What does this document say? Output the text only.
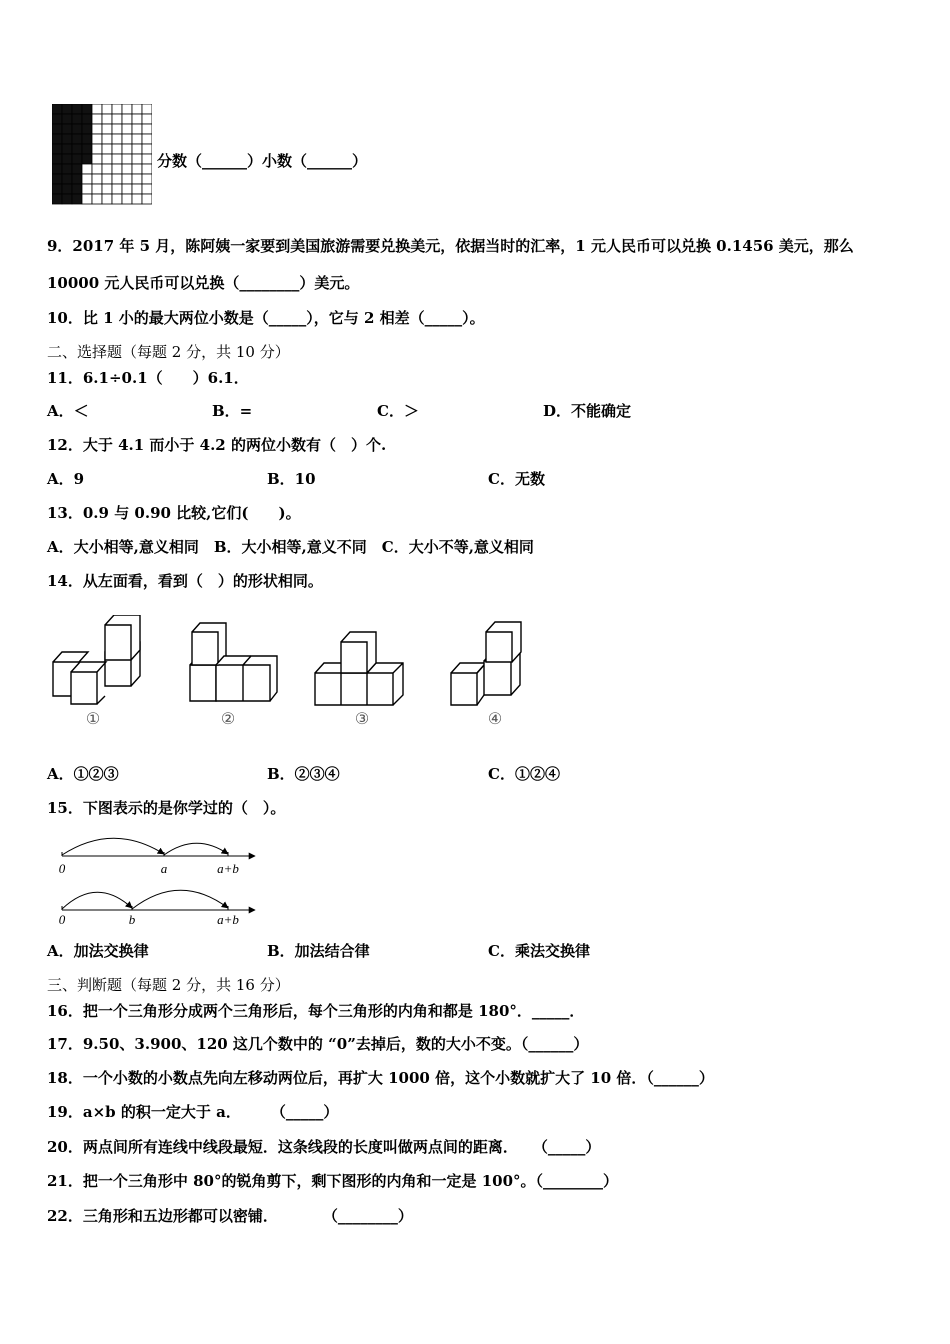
分数（______）小数（______）
9．2017 年 5 月，陈阿姨一家要到美国旅游需要兑换美元，依据当时的汇率，1 元人民币可以兑换 0.1456 美元，那么
10000 元人民币可以兑换（________）美元。
10．比 1 小的最大两位小数是（_____），它与 2 相差（_____）。
二、选择题（每题 2 分，共 10 分）
11．6.1÷0.1（　　）6.1．
A．＜	B．=	C．＞	D．不能确定
12．大于 4.1 而小于 4.2 的两位小数有（　）个.
A．9	B．10	C．无数
13．0.9 与 0.90 比较,它们(　　)。
A．大小相等,意义相同　B．大小相等,意义不同　C．大小不等,意义相同
14．从左面看，看到（　）的形状相同。
①	②	③	④
A．①②③	B．②③④	C．①②④
15．下图表示的是你学过的（　）。
0	a	a+b
0	b	a+b
A．加法交换律	B．加法结合律	C．乘法交换律
三、判断题（每题 2 分，共 16 分）
16．把一个三角形分成两个三角形后，每个三角形的内角和都是 180°．_____．
17．9.50、3.900、120 这几个数中的 “0”去掉后，数的大小不变。（______）
18．一个小数的小数点先向左移动两位后，再扩大 1000 倍，这个小数就扩大了 10 倍．（______）
19．a×b 的积一定大于 a．　　　（_____）
20．两点间所有连线中线段最短．这条线段的长度叫做两点间的距离．　　（_____）
21．把一个三角形中 80°的锐角剪下，剩下图形的内角和一定是 100°。（________）
22．三角形和五边形都可以密铺．　　　　（________）
